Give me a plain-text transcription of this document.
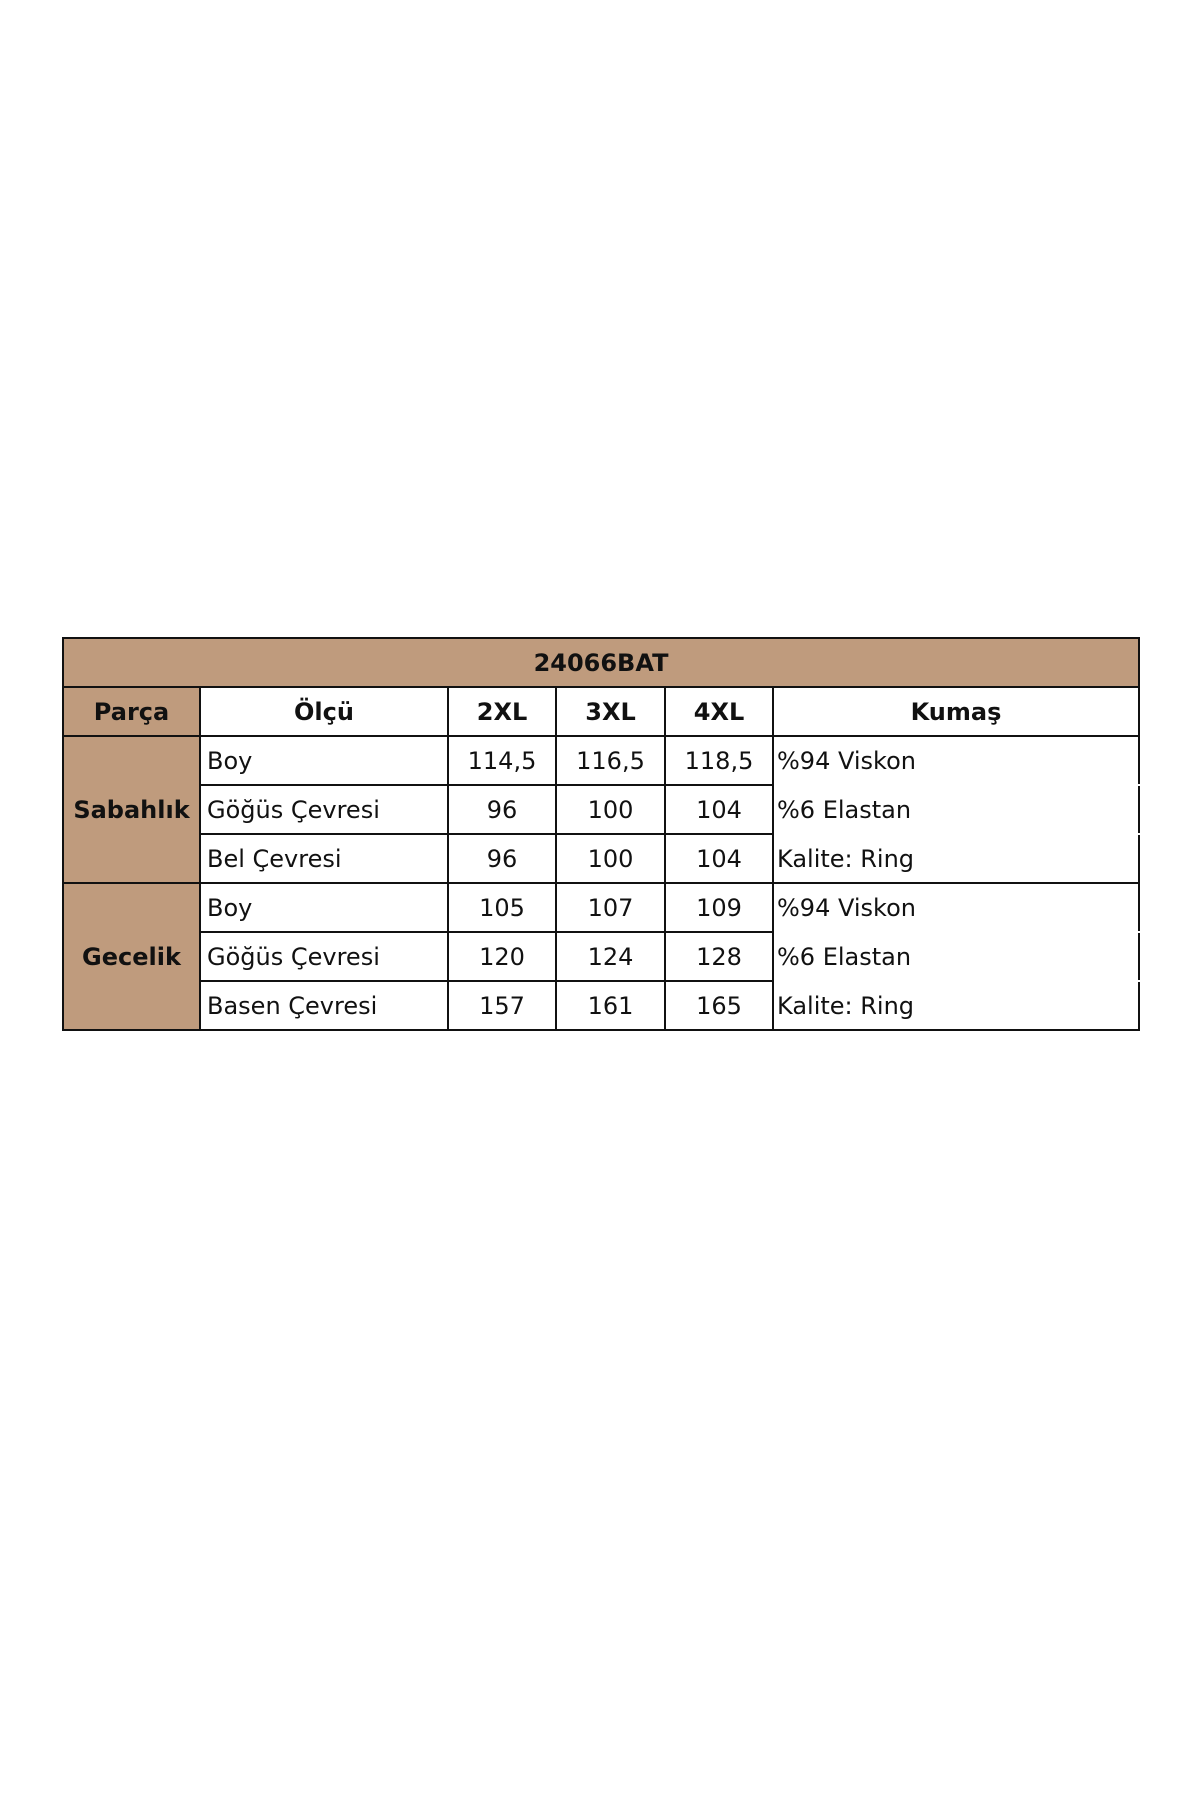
24066BAT					
Parça	Ölçü	2XL	3XL	4XL	Kumaş
Sabahlık	Boy	114,5	116,5	118,5	%94 Viskon
	Göğüs Çevresi	96	100	104	%6 Elastan
	Bel Çevresi	96	100	104	Kalite: Ring
Gecelik	Boy	105	107	109	%94 Viskon
	Göğüs Çevresi	120	124	128	%6 Elastan
	Basen Çevresi	157	161	165	Kalite: Ring
